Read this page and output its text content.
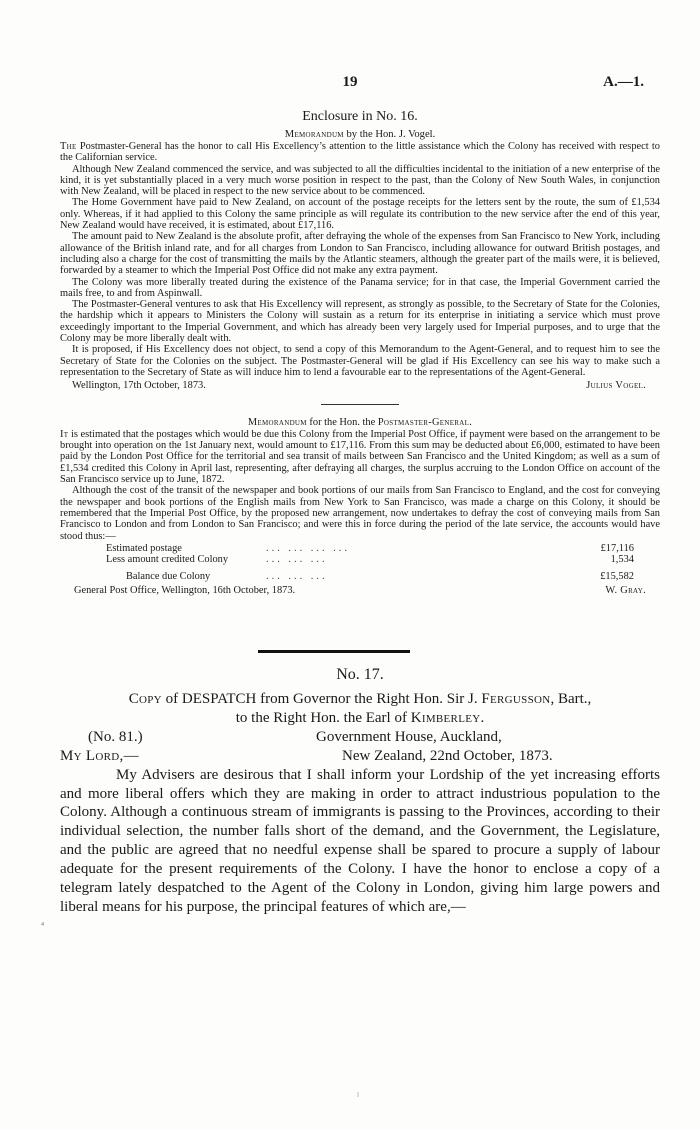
19	A.—1.
Enclosure in No. 16.
Memorandum by the Hon. J. Vogel.

The Postmaster-General has the honor to call His Excellency’s attention to the little assistance which the Colony has received with respect to the Californian service.

Although New Zealand commenced the service, and was subjected to all the difficulties incidental to the initiation of a new enterprise of the kind, it is yet substantially placed in a very much worse position in respect to the past, than the Colony of New South Wales, in conjunction with New Zealand, will be placed in respect to the new service about to be commenced.

The Home Government have paid to New Zealand, on account of the postage receipts for the letters sent by the route, the sum of £1,534 only. Whereas, if it had applied to this Colony the same principle as will regulate its contribution to the new service after the end of this year, New Zealand would have received, it is estimated, about £17,116.

The amount paid to New Zealand is the absolute profit, after defraying the whole of the expenses from San Francisco to New York, including allowance of the British inland rate, and for all charges from London to San Francisco, including allowance for outward British postages, and including also a charge for the cost of transmitting the mails by the Atlantic steamers, although the greater part of the mails were, it is believed, forwarded by a steamer to which the Imperial Post Office did not make any extra payment.

The Colony was more liberally treated during the existence of the Panama service; for in that case, the Imperial Government carried the mails free, to and from Aspinwall.

The Postmaster-General ventures to ask that His Excellency will represent, as strongly as possible, to the Secretary of State for the Colonies, the hardship which it appears to Ministers the Colony will sustain as a return for its enterprise in initiating a service which must prove exceedingly important to the Imperial Government, and which has already been very largely used for Imperial purposes, and to urge that the Colony may be more liberally dealt with.

It is proposed, if His Excellency does not object, to send a copy of this Memorandum to the Agent-General, and to request him to see the Secretary of State for the Colonies on the subject. The Postmaster-General will be glad if His Excellency can see his way to make such a representation to the Secretary of State as will induce him to lend a favourable ear to the representations of the Agent-General.

Wellington, 17th October, 1873.	Julius Vogel.
Memorandum for the Hon. the Postmaster-General.

It is estimated that the postages which would be due this Colony from the Imperial Post Office, if payment were based on the arrangement to be brought into operation on the 1st January next, would amount to £17,116. From this sum may be deducted about £6,000, estimated to have been paid by the London Post Office for the territorial and sea transit of mails between San Francisco and the United Kingdom; as well as a sum of £1,534 credited this Colony in April last, representing, after defraying all charges, the surplus accruing to the London Office on account of the San Francisco service up to June, 1872.

Although the cost of the transit of the newspaper and book portions of our mails from San Francisco to England, and the cost for conveying the newspaper and book portions of the English mails from New York to San Francisco, was made a charge on this Colony, it should be remembered that the Imperial Post Office, by the proposed new arrangement, now undertakes to defray the cost of conveying mails from San Francisco to London and from London to San Francisco; and were this in force during the period of the late service, the accounts would have stood thus:—

Estimated postage	... ... ... ...	£17,116
Less amount credited Colony	... ... ...	1,534

Balance due Colony	... ... ...	£15,582
General Post Office, Wellington, 16th October, 1873.	W. Gray.
No. 17.
Copy of DESPATCH from Governor the Right Hon. Sir J. Fergusson, Bart.,
to the Right Hon. the Earl of Kimberley.
(No. 81.)	Government House, Auckland,
My Lord,—	New Zealand, 22nd October, 1873.

My Advisers are desirous that I shall inform your Lordship of the yet increasing efforts and more liberal offers which they are making in order to attract industrious population to the Colony. Although a continuous stream of immigrants is passing to the Provinces, according to their individual selection, the number falls short of the demand, and the Government, the Legislature, and the public are agreed that no needful expense shall be spared to procure a supply of labour adequate for the present requirements of the Colony. I have the honor to enclose a copy of a telegram lately despatched to the Agent of the Colony in London, giving him large powers and liberal means for his purpose, the principal features of which are,—

⁴
